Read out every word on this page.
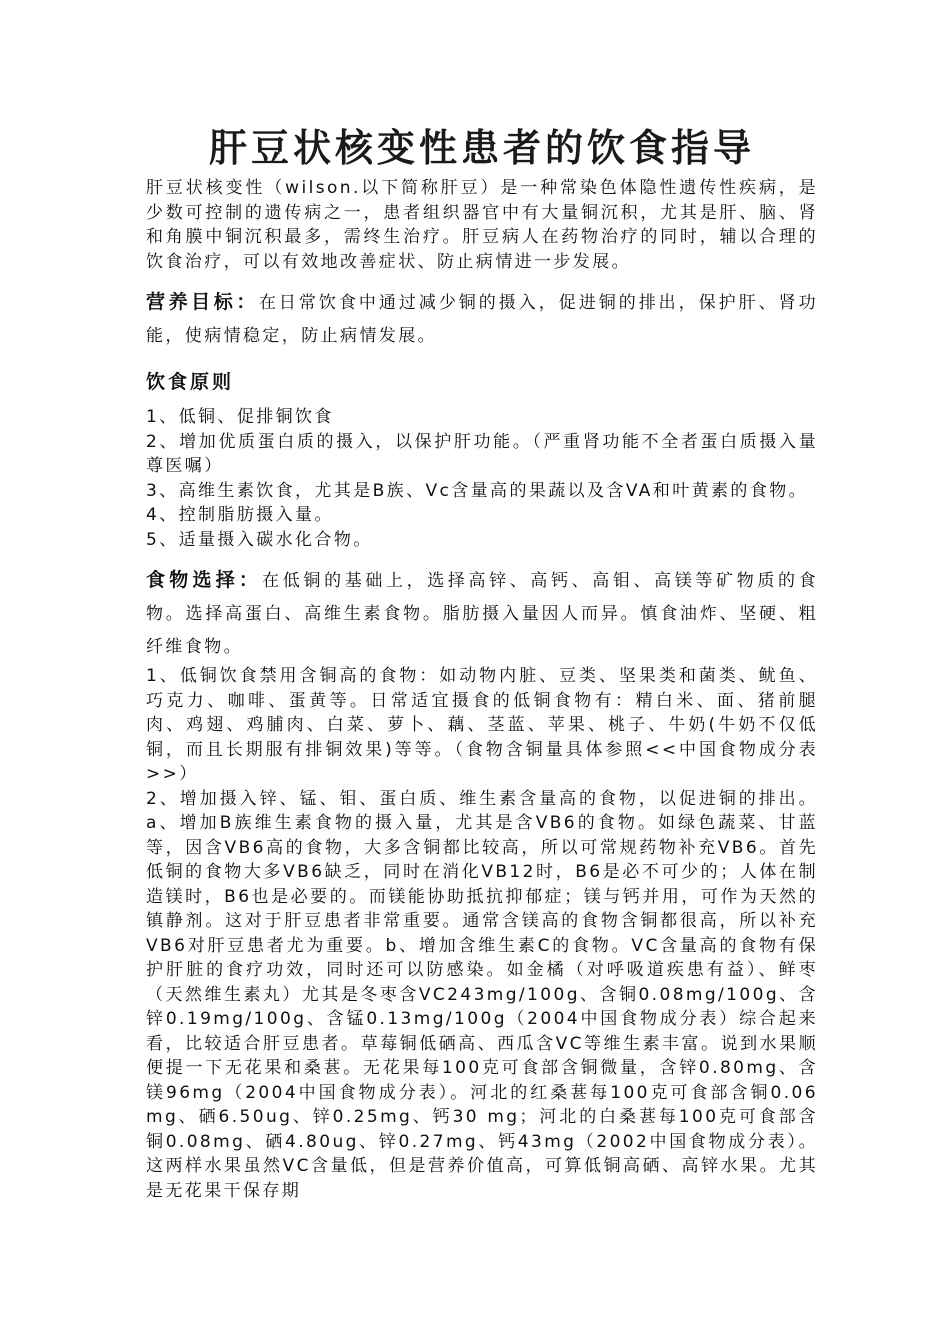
肝豆状核变性患者的饮食指导

肝豆状核变性（wilson.以下简称肝豆）是一种常染色体隐性遗传性疾病，是少数可控制的遗传病之一，患者组织器官中有大量铜沉积，尤其是肝、脑、肾和角膜中铜沉积最多，需终生治疗。肝豆病人在药物治疗的同时，辅以合理的饮食治疗，可以有效地改善症状、防止病情进一步发展。

营养目标：在日常饮食中通过减少铜的摄入，促进铜的排出，保护肝、肾功能，使病情稳定，防止病情发展。

饮食原则

1、低铜、促排铜饮食

2、增加优质蛋白质的摄入，以保护肝功能。（严重肾功能不全者蛋白质摄入量尊医嘱）

3、高维生素饮食，尤其是B族、Vc含量高的果蔬以及含VA和叶黄素的食物。

4、控制脂肪摄入量。

5、适量摄入碳水化合物。

食物选择：在低铜的基础上，选择高锌、高钙、高钼、高镁等矿物质的食物。选择高蛋白、高维生素食物。脂肪摄入量因人而异。慎食油炸、坚硬、粗纤维食物。

1、低铜饮食禁用含铜高的食物：如动物内脏、豆类、坚果类和菌类、鱿鱼、巧克力、咖啡、蛋黄等。日常适宜摄食的低铜食物有：精白米、面、猪前腿肉、鸡翅、鸡脯肉、白菜、萝卜、藕、茎蓝、苹果、桃子、牛奶(牛奶不仅低铜，而且长期服有排铜效果)等等。（食物含铜量具体参照<<中国食物成分表>>）

2、增加摄入锌、锰、钼、蛋白质、维生素含量高的食物，以促进铜的排出。a、增加B族维生素食物的摄入量，尤其是含VB6的食物。如绿色蔬菜、甘蓝等，因含VB6高的食物，大多含铜都比较高，所以可常规药物补充VB6。首先低铜的食物大多VB6缺乏，同时在消化VB12时，B6是必不可少的；人体在制造镁时，B6也是必要的。而镁能协助抵抗抑郁症；镁与钙并用，可作为天然的镇静剂。这对于肝豆患者非常重要。通常含镁高的食物含铜都很高，所以补充VB6对肝豆患者尤为重要。b、增加含维生素C的食物。VC含量高的食物有保护肝脏的食疗功效，同时还可以防感染。如金橘（对呼吸道疾患有益）、鲜枣（天然维生素丸）尤其是冬枣含VC243mg/100g、含铜0.08mg/100g、含锌0.19mg/100g、含锰0.13mg/100g（2004中国食物成分表）综合起来看，比较适合肝豆患者。草莓铜低硒高、西瓜含VC等维生素丰富。说到水果顺便提一下无花果和桑葚。无花果每100克可食部含铜微量，含锌0.80mg、含镁96mg（2004中国食物成分表）。河北的红桑葚每100克可食部含铜0.06 mg、硒6.50ug、锌0.25mg、钙30 mg；河北的白桑葚每100克可食部含铜0.08mg、硒4.80ug、锌0.27mg、钙43mg（2002中国食物成分表）。这两样水果虽然VC含量低，但是营养价值高，可算低铜高硒、高锌水果。尤其是无花果干保存期
